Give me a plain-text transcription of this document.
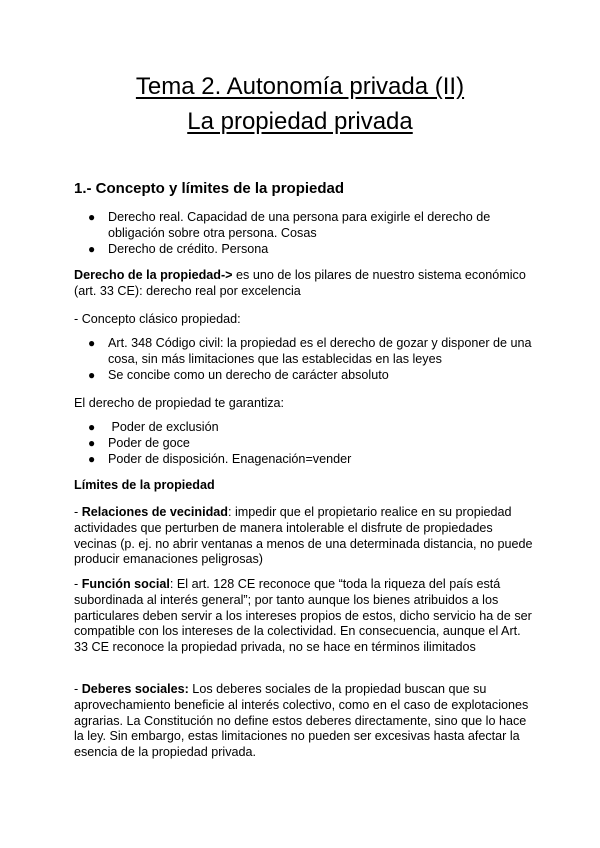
Tema 2. Autonomía privada (II)
La propiedad privada
1.- Concepto y límites de la propiedad
● Derecho real. Capacidad de una persona para exigirle el derecho de obligación sobre otra persona. Cosas
● Derecho de crédito. Persona
Derecho de la propiedad-> es uno de los pilares de nuestro sistema económico (art. 33 CE): derecho real por excelencia
- Concepto clásico propiedad:
● Art. 348 Código civil: la propiedad es el derecho de gozar y disponer de una cosa, sin más limitaciones que las establecidas en las leyes
● Se concibe como un derecho de carácter absoluto
El derecho de propiedad te garantiza:
● Poder de exclusión
● Poder de goce
● Poder de disposición. Enagenación=vender
Límites de la propiedad
- Relaciones de vecinidad: impedir que el propietario realice en su propiedad actividades que perturben de manera intolerable el disfrute de propiedades vecinas (p. ej. no abrir ventanas a menos de una determinada distancia, no puede producir emanaciones peligrosas)
- Función social: El art. 128 CE reconoce que “toda la riqueza del país está subordinada al interés general”; por tanto aunque los bienes atribuidos a los particulares deben servir a los intereses propios de estos, dicho servicio ha de ser compatible con los intereses de la colectividad. En consecuencia, aunque el Art. 33 CE reconoce la propiedad privada, no se hace en términos ilimitados
- Deberes sociales: Los deberes sociales de la propiedad buscan que su aprovechamiento beneficie al interés colectivo, como en el caso de explotaciones agrarias. La Constitución no define estos deberes directamente, sino que lo hace la ley. Sin embargo, estas limitaciones no pueden ser excesivas hasta afectar la esencia de la propiedad privada.
